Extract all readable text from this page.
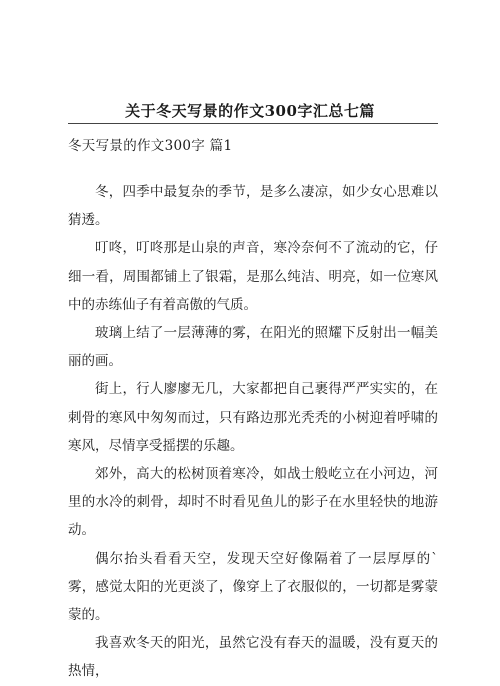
关于冬天写景的作文300字汇总七篇
冬天写景的作文300字 篇1

冬，四季中最复杂的季节，是多么凄凉，如少女心思难以猜透。

叮咚，叮咚那是山泉的声音，寒冷奈何不了流动的它，仔细一看，周围都铺上了银霜，是那么纯洁、明亮，如一位寒风中的赤练仙子有着高傲的气质。

玻璃上结了一层薄薄的雾，在阳光的照耀下反射出一幅美丽的画。

街上，行人廖廖无几，大家都把自己裹得严严实实的，在刺骨的寒风中匆匆而过，只有路边那光秃秃的小树迎着呼啸的寒风，尽情享受摇摆的乐趣。

郊外，高大的松树顶着寒冷，如战士般屹立在小河边，河里的水冷的刺骨，却时不时看见鱼儿的影子在水里轻快的地游动。

偶尔抬头看看天空，发现天空好像隔着了一层厚厚的`雾，感觉太阳的光更淡了，像穿上了衣服似的，一切都是雾蒙蒙的。

我喜欢冬天的阳光，虽然它没有春天的温暖，没有夏天的热情，
